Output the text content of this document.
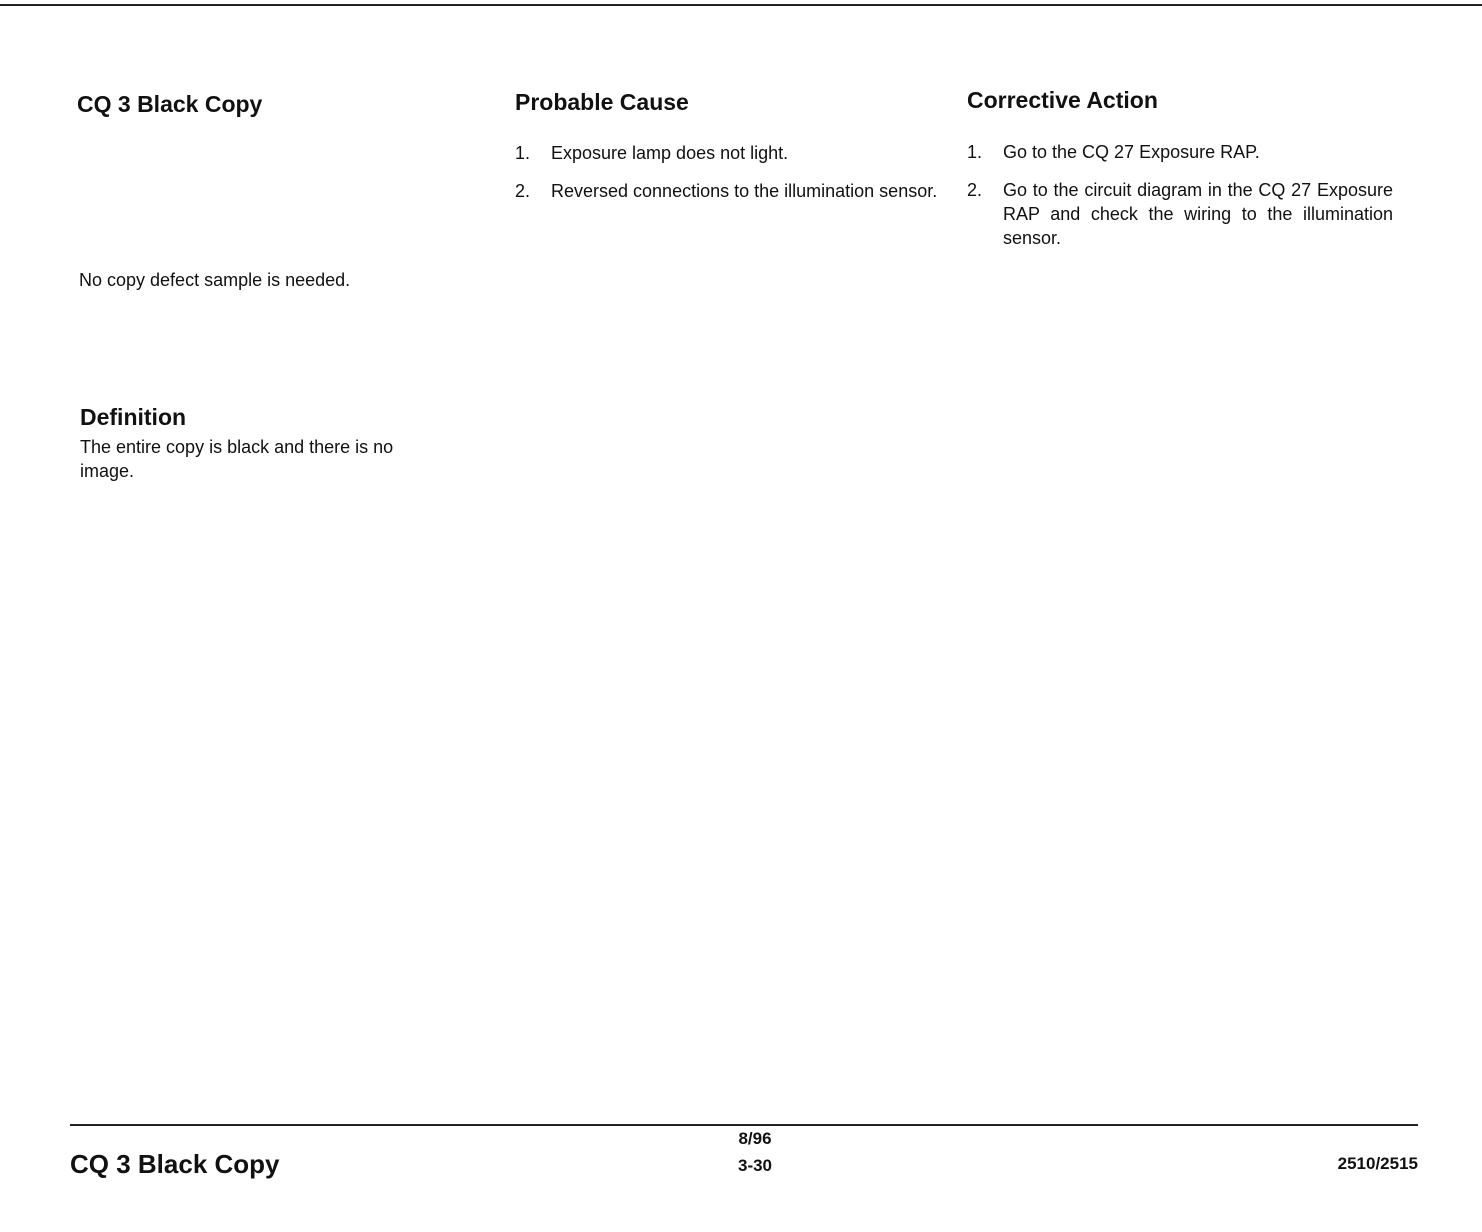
CQ 3 Black Copy

No copy defect sample is needed.

Definition

The entire copy is black and there is no image.

Probable Cause
1. Exposure lamp does not light.
2. Reversed connections to the illumination sensor.
Corrective Action
1. Go to the CQ 27 Exposure RAP.
2. Go to the circuit diagram in the CQ 27 Exposure RAP and check the wiring to the illumination sensor.
CQ 3 Black Copy
8/96
3-30	2510/2515
